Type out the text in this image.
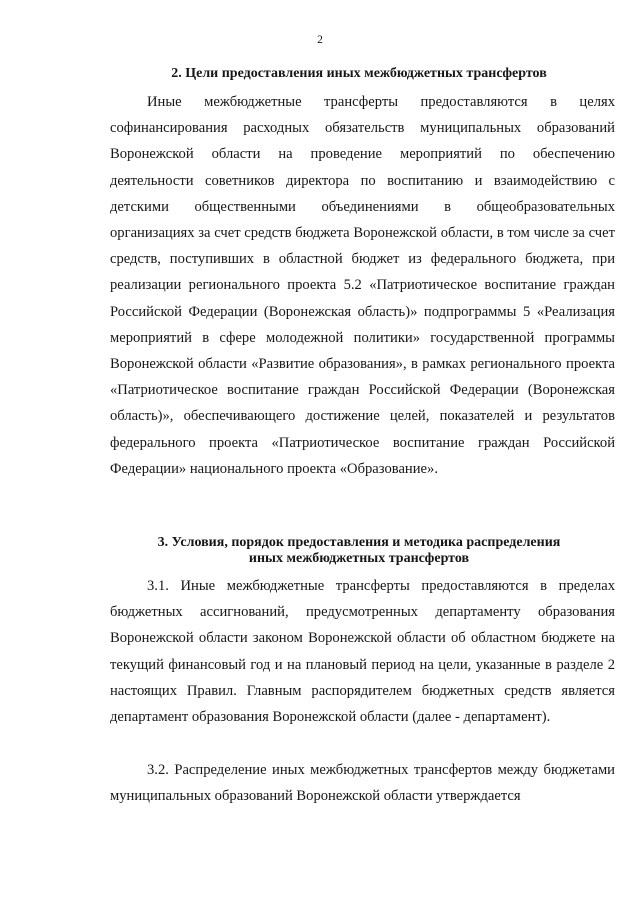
2
2. Цели предоставления иных межбюджетных трансфертов

Иные межбюджетные трансферты предоставляются в целях софинансирования расходных обязательств муниципальных образований Воронежской области на проведение мероприятий по обеспечению деятельности советников директора по воспитанию и взаимодействию с детскими общественными объединениями в общеобразовательных организациях за счет средств бюджета Воронежской области, в том числе за счет средств, поступивших в областной бюджет из федерального бюджета, при реализации регионального проекта 5.2 «Патриотическое воспитание граждан Российской Федерации (Воронежская область)» подпрограммы 5 «Реализация мероприятий в сфере молодежной политики» государственной программы Воронежской области «Развитие образования», в рамках регионального проекта «Патриотическое воспитание граждан Российской Федерации (Воронежская область)», обеспечивающего достижение целей, показателей и результатов федерального проекта «Патриотическое воспитание граждан Российской Федерации» национального проекта «Образование».

3. Условия, порядок предоставления и методика распределения
иных межбюджетных трансфертов

3.1. Иные межбюджетные трансферты предоставляются в пределах бюджетных ассигнований, предусмотренных департаменту образования Воронежской области законом Воронежской области об областном бюджете на текущий финансовый год и на плановый период на цели, указанные в разделе 2 настоящих Правил. Главным распорядителем бюджетных средств является департамент образования Воронежской области (далее - департамент).

3.2. Распределение иных межбюджетных трансфертов между бюджетами муниципальных образований Воронежской области утверждается
